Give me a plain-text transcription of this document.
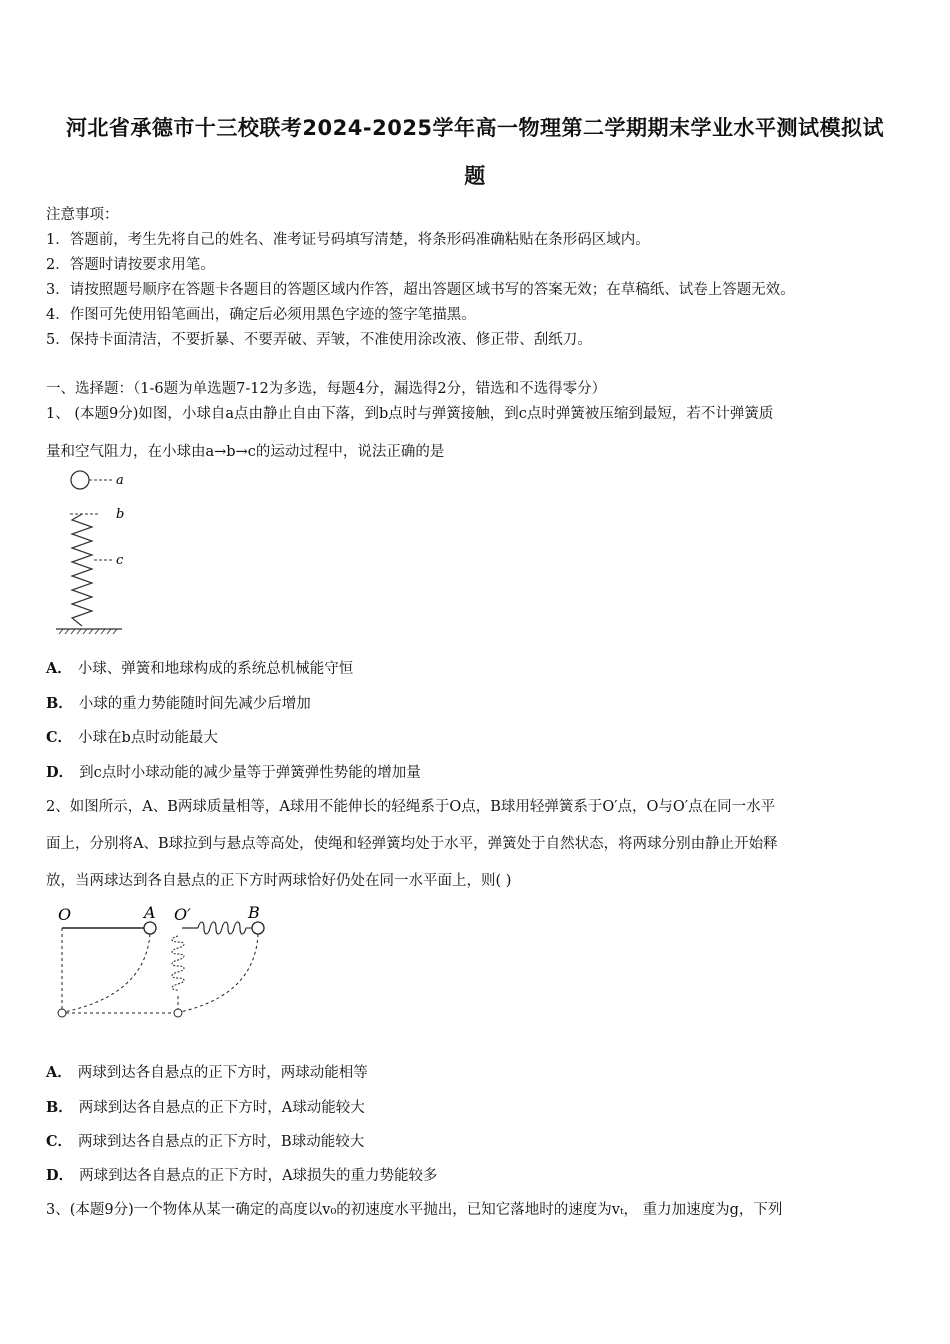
河北省承德市十三校联考2024-2025学年高一物理第二学期期末学业水平测试模拟试
题
注意事项：
1．答题前，考生先将自己的姓名、准考证号码填写清楚，将条形码准确粘贴在条形码区域内。
2．答题时请按要求用笔。
3．请按照题号顺序在答题卡各题目的答题区域内作答，超出答题区域书写的答案无效；在草稿纸、试卷上答题无效。
4．作图可先使用铅笔画出，确定后必须用黑色字迹的签字笔描黑。
5．保持卡面清洁，不要折暴、不要弄破、弄皱，不准使用涂改液、修正带、刮纸刀。
一、选择题：（1-6题为单选题7-12为多选，每题4分，漏选得2分，错选和不选得零分）
1、 (本题9分)如图，小球自a点由静止自由下落，到b点时与弹簧接触，到c点时弹簧被压缩到最短，若不计弹簧质
量和空气阻力，在小球由a→b→c的运动过程中，说法正确的是
a
b
c
A． 小球、弹簧和地球构成的系统总机械能守恒
B． 小球的重力势能随时间先减少后增加
C． 小球在b点时动能最大
D． 到c点时小球动能的减少量等于弹簧弹性势能的增加量
2、如图所示，A、B两球质量相等，A球用不能伸长的轻绳系于O点，B球用轻弹簧系于O′点，O与O′点在同一水平
面上，分别将A、B球拉到与悬点等高处，使绳和轻弹簧均处于水平，弹簧处于自然状态，将两球分别由静止开始释
放，当两球达到各自悬点的正下方时两球恰好仍处在同一水平面上，则( )
O	A O′	B
A． 两球到达各自悬点的正下方时，两球动能相等
B． 两球到达各自悬点的正下方时，A球动能较大
C． 两球到达各自悬点的正下方时，B球动能较大
D． 两球到达各自悬点的正下方时，A球损失的重力势能较多
3、(本题9分)一个物体从某一确定的高度以v₀的初速度水平抛出，已知它落地时的速度为vₜ， 重力加速度为g，下列
